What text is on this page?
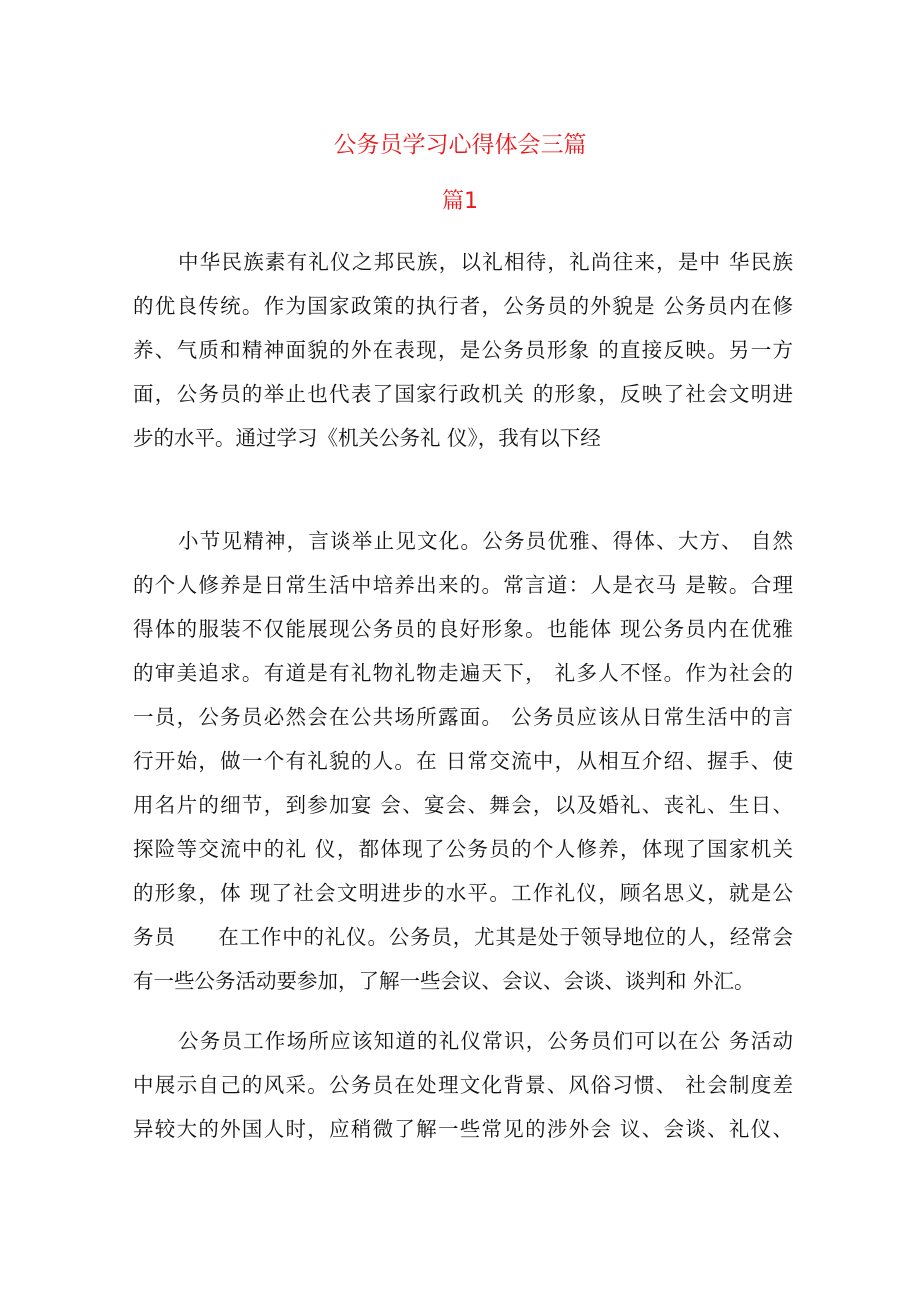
公务员学习心得体会三篇
篇1
中华民族素有礼仪之邦民族，以礼相待，礼尚往来，是中 华民族
的优良传统。作为国家政策的执行者，公务员的外貌是 公务员内在修
养、气质和精神面貌的外在表现，是公务员形象 的直接反映。另一方
面，公务员的举止也代表了国家行政机关 的形象，反映了社会文明进
步的水平。通过学习《机关公务礼 仪》，我有以下经
小节见精神，言谈举止见文化。公务员优雅、得体、大方、 自然
的个人修养是日常生活中培养出来的。常言道：人是衣马 是鞍。合理
得体的服装不仅能展现公务员的良好形象。也能体 现公务员内在优雅
的审美追求。有道是有礼物礼物走遍天下， 礼多人不怪。作为社会的
一员，公务员必然会在公共场所露面。 公务员应该从日常生活中的言
行开始，做一个有礼貌的人。在 日常交流中，从相互介绍、握手、使
用名片的细节，到参加宴 会、宴会、舞会，以及婚礼、丧礼、生日、
探险等交流中的礼 仪，都体现了公务员的个人修养，体现了国家机关
的形象，体 现了社会文明进步的水平。工作礼仪，顾名思义，就是公
务员　　在工作中的礼仪。公务员，尤其是处于领导地位的人，经常会
有一些公务活动要参加，了解一些会议、会议、会谈、谈判和 外汇。
公务员工作场所应该知道的礼仪常识，公务员们可以在公 务活动
中展示自己的风采。公务员在处理文化背景、风俗习惯、 社会制度差
异较大的外国人时，应稍微了解一些常见的涉外会 议、会谈、礼仪、
